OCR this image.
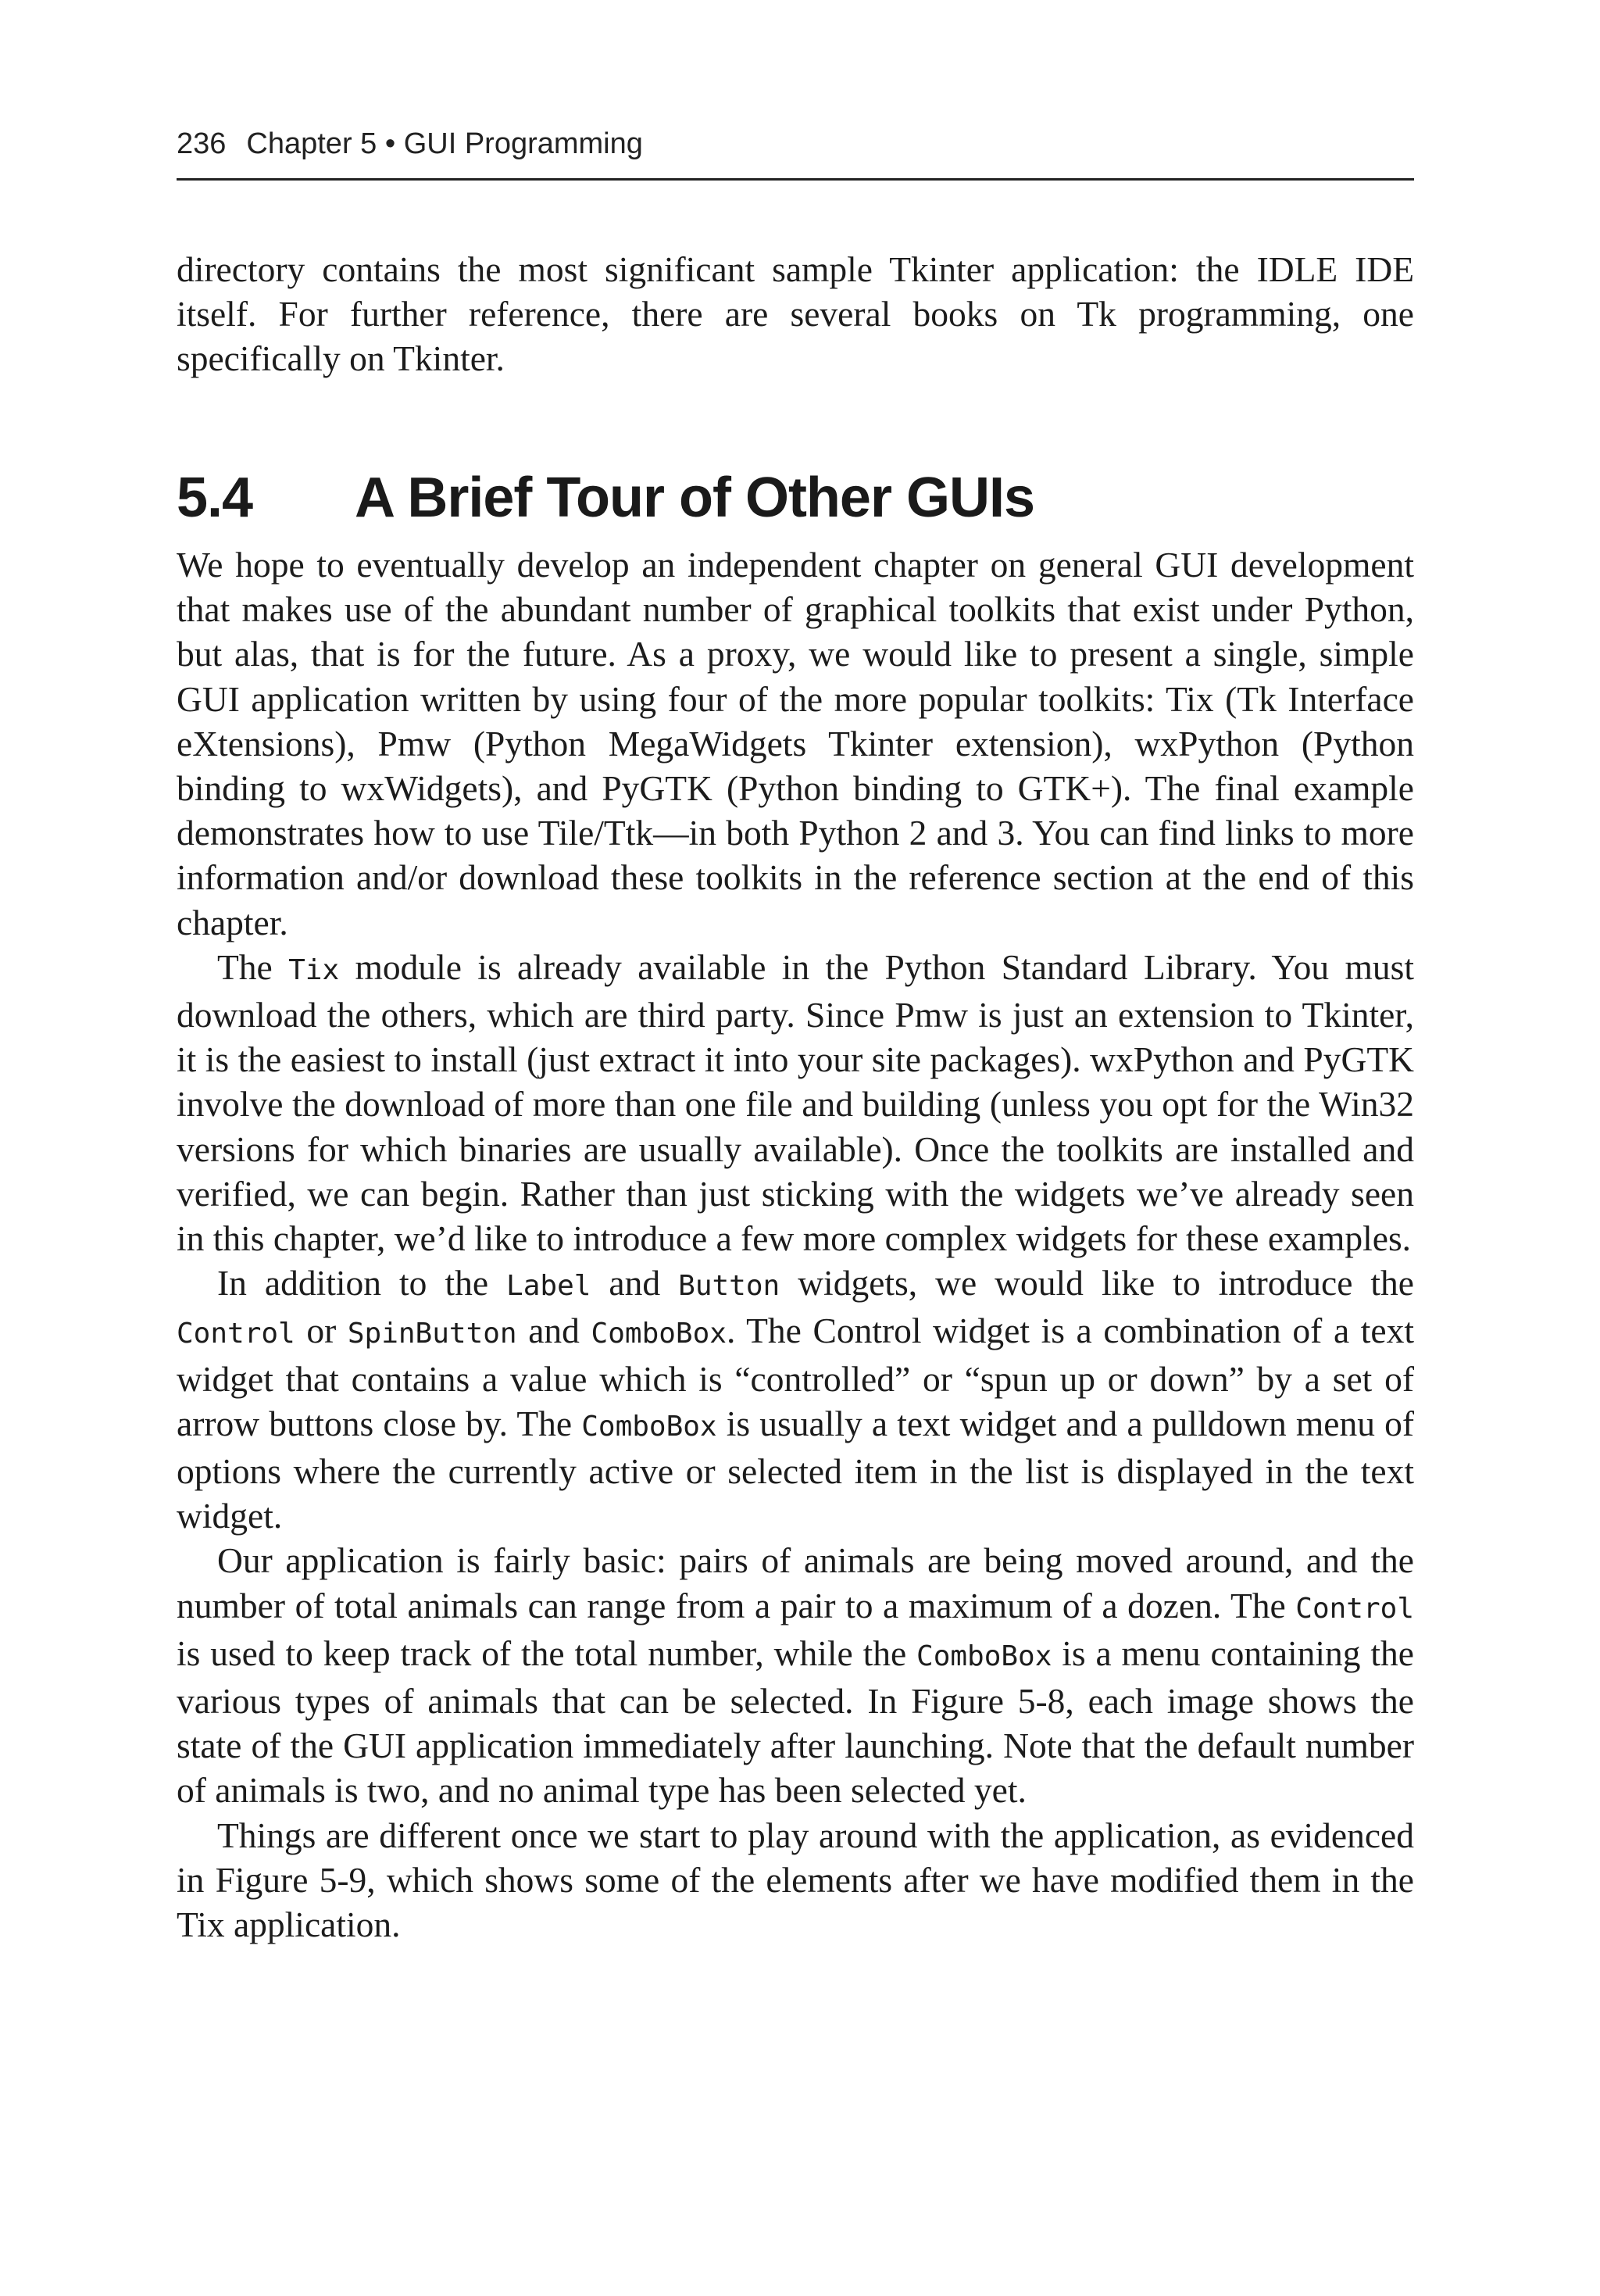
236 Chapter 5 • GUI Programming

directory contains the most significant sample Tkinter application: the IDLE IDE itself. For further reference, there are several books on Tk programming, one specifically on Tkinter.

5.4 A Brief Tour of Other GUIs

We hope to eventually develop an independent chapter on general GUI development that makes use of the abundant number of graphical toolkits that exist under Python, but alas, that is for the future. As a proxy, we would like to present a single, simple GUI application written by using four of the more popular toolkits: Tix (Tk Interface eXtensions), Pmw (Python MegaWidgets Tkinter extension), wxPython (Python binding to wxWidgets), and PyGTK (Python binding to GTK+). The final example demonstrates how to use Tile/Ttk—in both Python 2 and 3. You can find links to more information and/or download these toolkits in the reference section at the end of this chapter.

The Tix module is already available in the Python Standard Library. You must download the others, which are third party. Since Pmw is just an extension to Tkinter, it is the easiest to install (just extract it into your site packages). wxPython and PyGTK involve the download of more than one file and building (unless you opt for the Win32 versions for which binaries are usually available). Once the toolkits are installed and verified, we can begin. Rather than just sticking with the widgets we’ve already seen in this chapter, we’d like to introduce a few more complex widgets for these examples.

In addition to the Label and Button widgets, we would like to introduce the Control or SpinButton and ComboBox. The Control widget is a combination of a text widget that contains a value which is “controlled” or “spun up or down” by a set of arrow buttons close by. The ComboBox is usually a text widget and a pulldown menu of options where the currently active or selected item in the list is displayed in the text widget.

Our application is fairly basic: pairs of animals are being moved around, and the number of total animals can range from a pair to a maximum of a dozen. The Control is used to keep track of the total number, while the ComboBox is a menu containing the various types of animals that can be selected. In Figure 5-8, each image shows the state of the GUI application immediately after launching. Note that the default number of animals is two, and no animal type has been selected yet.

Things are different once we start to play around with the application, as evidenced in Figure 5-9, which shows some of the elements after we have modified them in the Tix application.
